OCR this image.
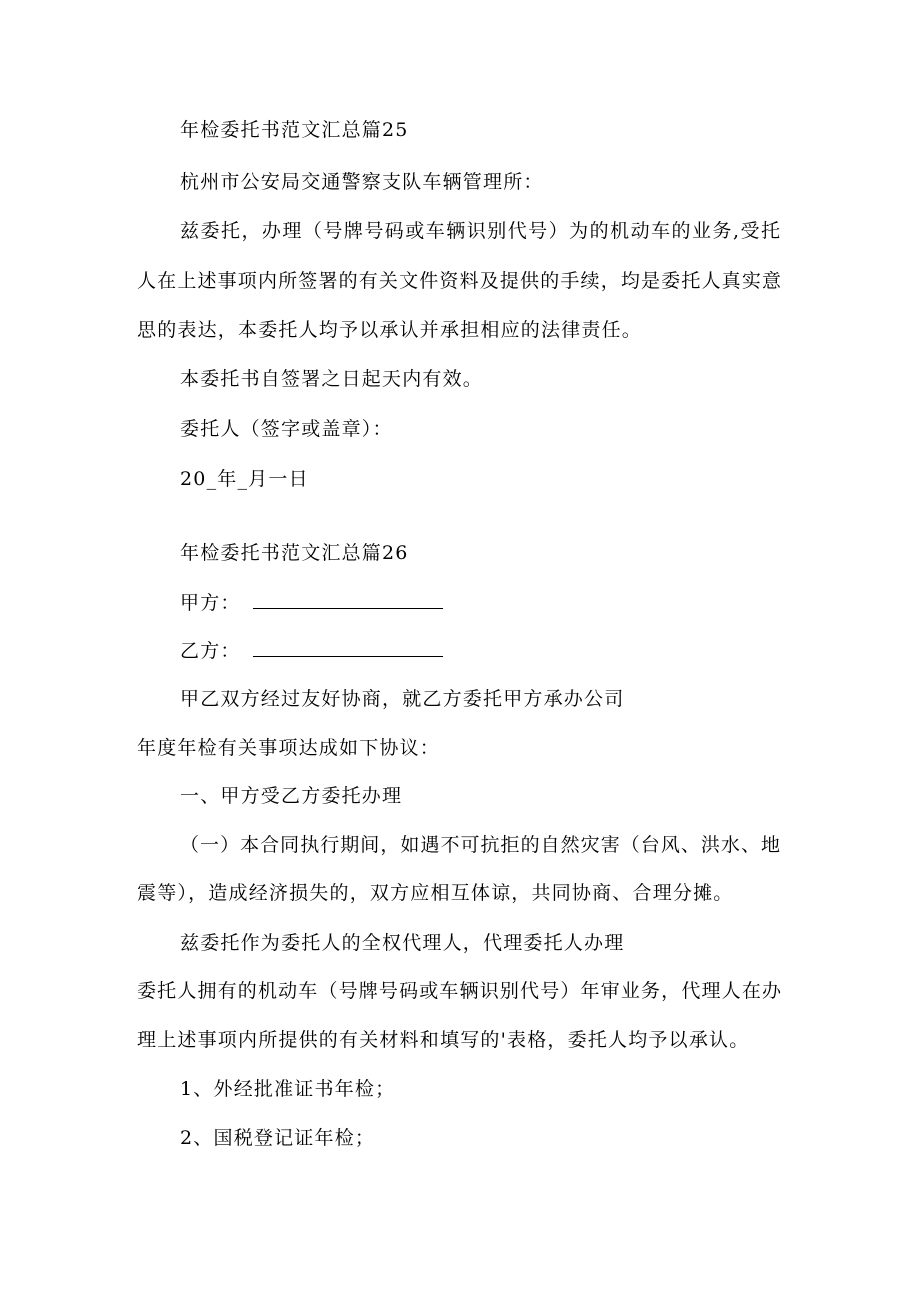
年检委托书范文汇总篇25
杭州市公安局交通警察支队车辆管理所：
兹委托，办理（号牌号码或车辆识别代号）为的机动车的业务,受托
人在上述事项内所签署的有关文件资料及提供的手续，均是委托人真实意
思的表达，本委托人均予以承认并承担相应的法律责任。
本委托书自签署之日起天内有效。
委托人（签字或盖章）：
20_年_月一日
年检委托书范文汇总篇26
甲方：
乙方：
甲乙双方经过友好协商，就乙方委托甲方承办公司
年度年检有关事项达成如下协议：
一、甲方受乙方委托办理
（一）本合同执行期间，如遇不可抗拒的自然灾害（台风、洪水、地
震等），造成经济损失的，双方应相互体谅，共同协商、合理分摊。
兹委托作为委托人的全权代理人，代理委托人办理
委托人拥有的机动车（号牌号码或车辆识别代号）年审业务，代理人在办
理上述事项内所提供的有关材料和填写的'表格，委托人均予以承认。
1、外经批准证书年检；
2、国税登记证年检；
